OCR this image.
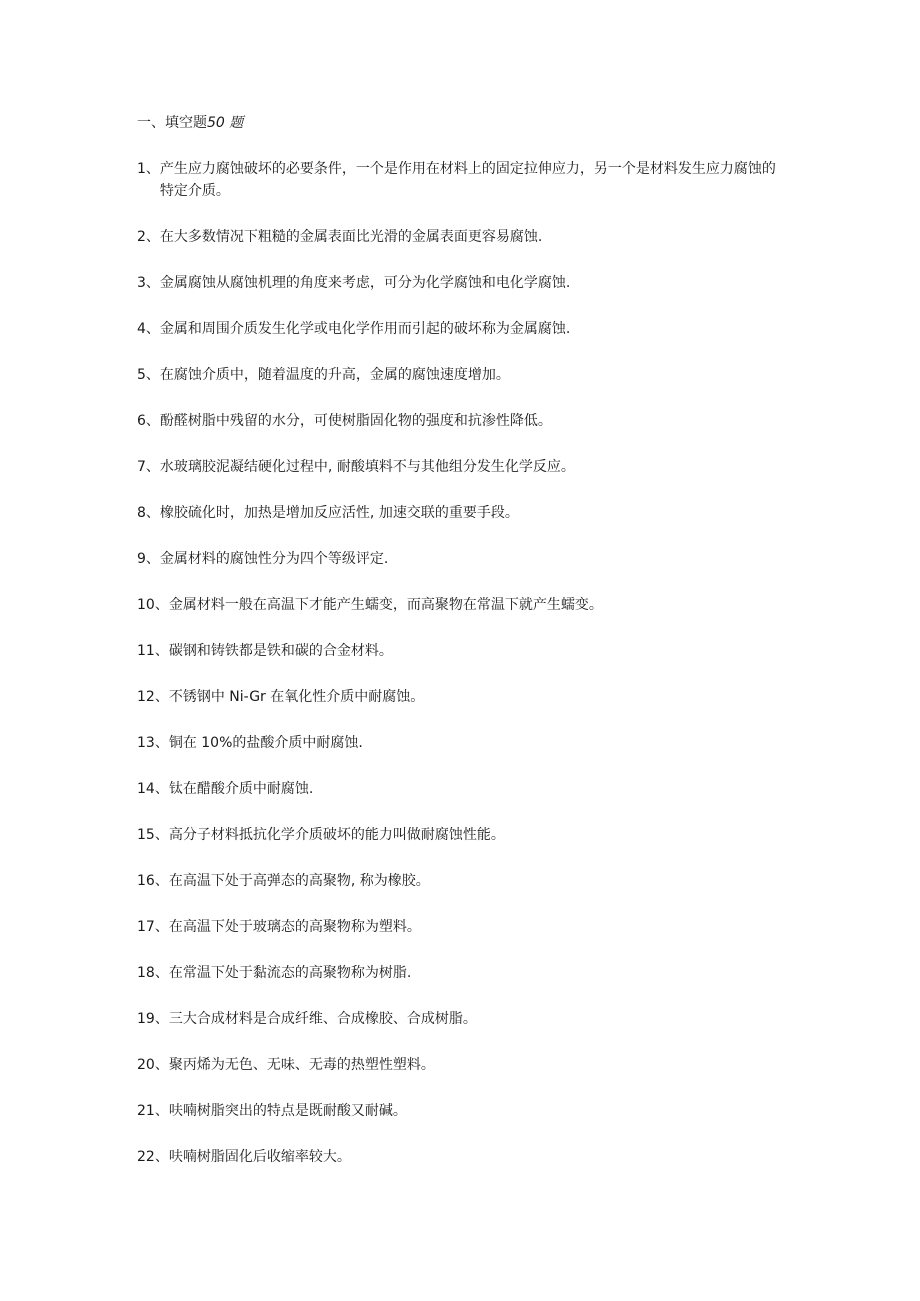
一、填空题50 题
1、 产生应力腐蚀破坏的必要条件，一个是作用在材料上的固定拉伸应力，另一个是材料发生应力腐蚀的特定介质。
2、 在大多数情况下粗糙的金属表面比光滑的金属表面更容易腐蚀.
3、 金属腐蚀从腐蚀机理的角度来考虑，可分为化学腐蚀和电化学腐蚀.
4、 金属和周围介质发生化学或电化学作用而引起的破坏称为金属腐蚀.
5、 在腐蚀介质中，随着温度的升高，金属的腐蚀速度增加。
6、 酚醛树脂中残留的水分，可使树脂固化物的强度和抗渗性降低。
7、 水玻璃胶泥凝结硬化过程中, 耐酸填料不与其他组分发生化学反应。
8、 橡胶硫化时，加热是增加反应活性, 加速交联的重要手段。
9、 金属材料的腐蚀性分为四个等级评定.
10、 金属材料一般在高温下才能产生蠕变，而高聚物在常温下就产生蠕变。
11、 碳钢和铸铁都是铁和碳的合金材料。
12、 不锈钢中 Ni-Gr 在氧化性介质中耐腐蚀。
13、 铜在 10%的盐酸介质中耐腐蚀.
14、 钛在醋酸介质中耐腐蚀.
15、 高分子材料抵抗化学介质破坏的能力叫做耐腐蚀性能。
16、 在高温下处于高弹态的高聚物, 称为橡胶。
17、 在高温下处于玻璃态的高聚物称为塑料。
18、 在常温下处于黏流态的高聚物称为树脂.
19、 三大合成材料是合成纤维、合成橡胶、合成树脂。
20、 聚丙烯为无色、无味、无毒的热塑性塑料。
21、 呋喃树脂突出的特点是既耐酸又耐碱。
22、 呋喃树脂固化后收缩率较大。
